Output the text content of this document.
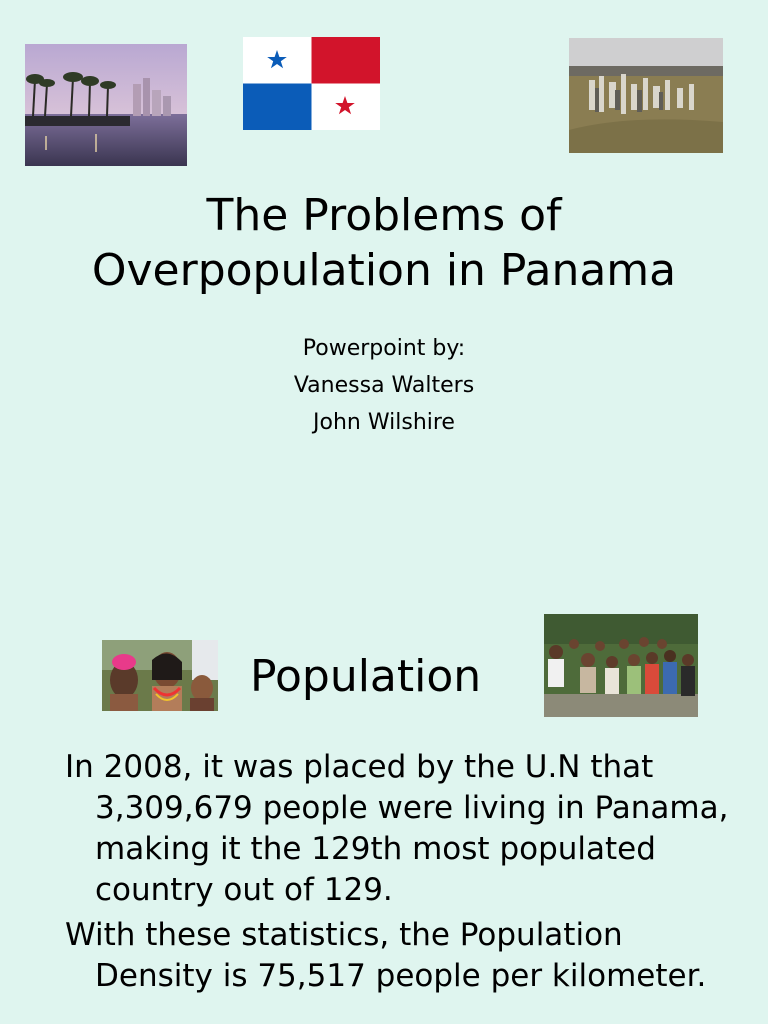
The Problems of
Overpopulation in Panama
Powerpoint by:
Vanessa Walters
John Wilshire
Population
In 2008, it was placed by the U.N that 3,309,679 people were living in Panama, making it the 129th most populated country out of 129.
With these statistics, the Population Density is 75,517 people per kilometer.
